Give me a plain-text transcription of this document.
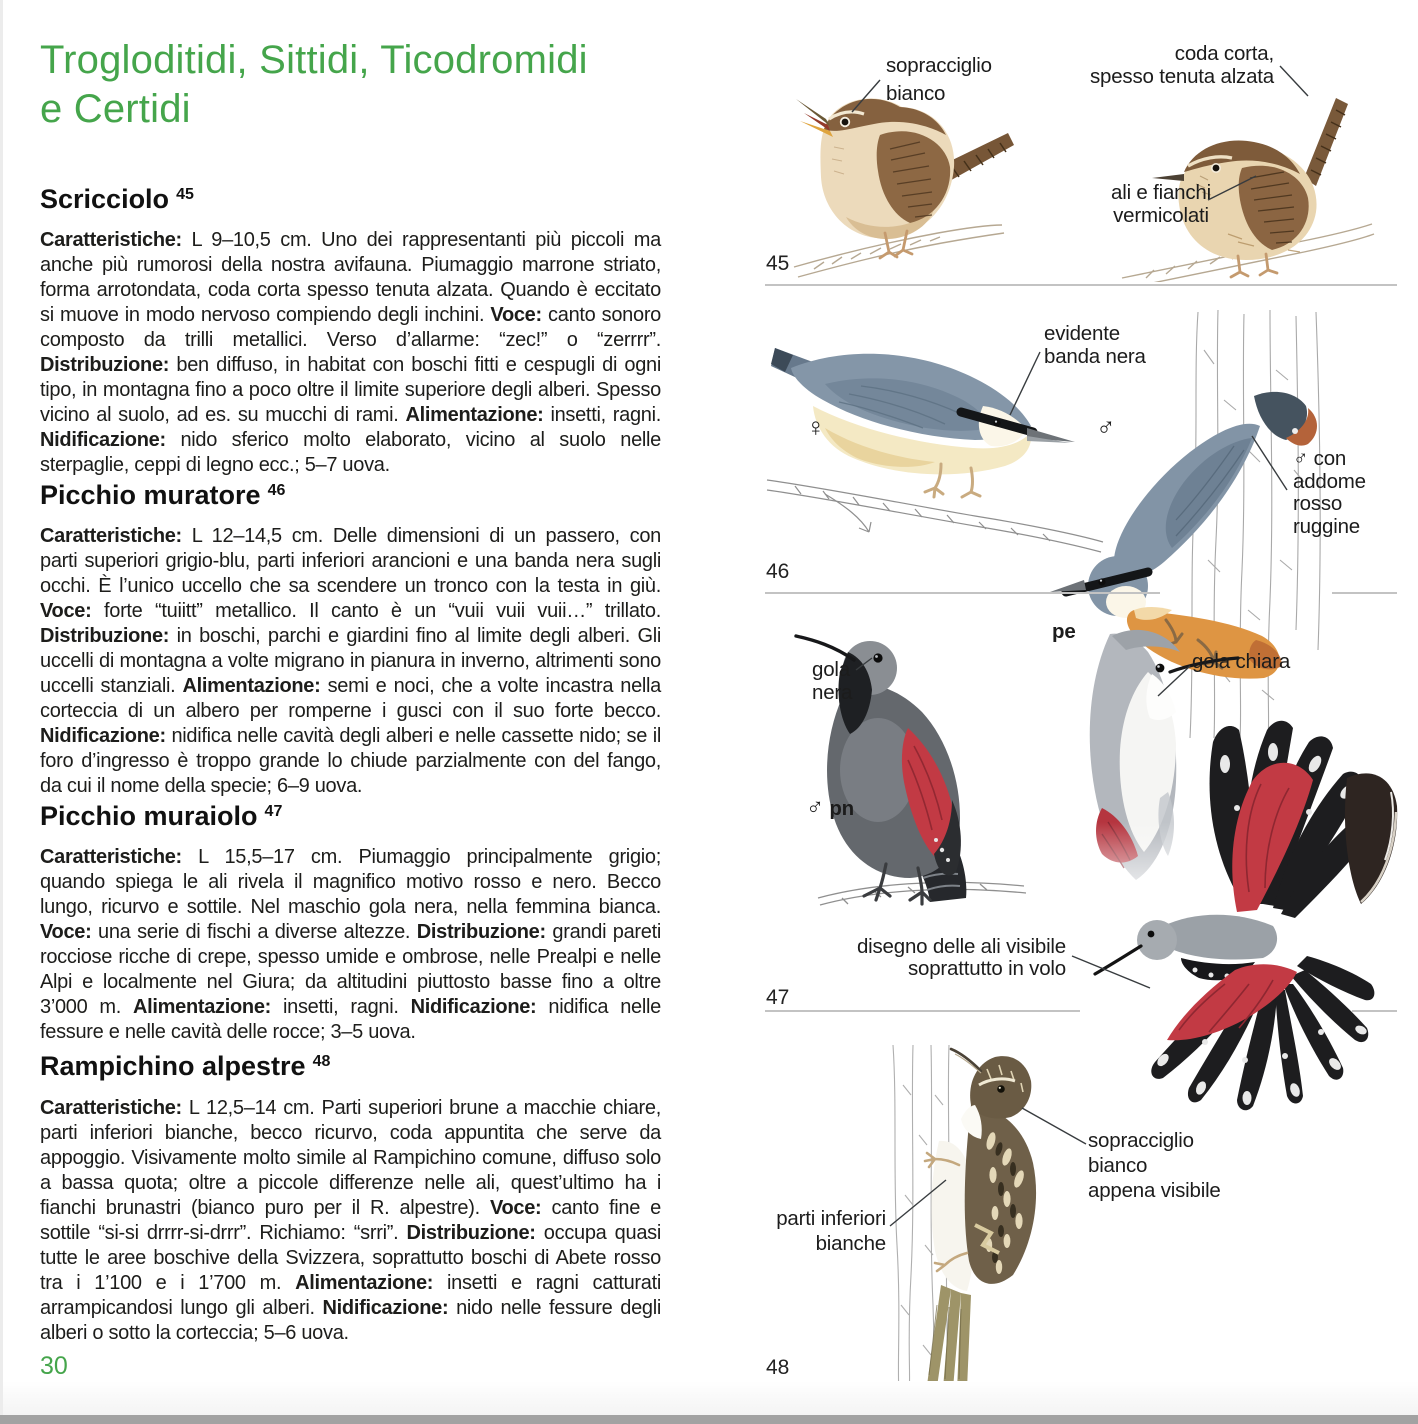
Trogloditidi, Sittidi, Ticodromidi
e Certidi
Scricciolo $^{45}$
Caratteristiche: L 9–10,5 cm. Uno dei rappresentanti più piccoli ma anche più rumorosi della nostra avifauna. Piumaggio marrone striato, forma arrotondata, coda corta spesso tenuta alzata. Quando è eccitato si muove in modo nervoso compiendo degli inchini. Voce: canto sonoro composto da trilli metallici. Verso d’allarme: “zec!” o “zerrrr”. Distribuzione: ben diffuso, in habitat con boschi fitti e cespugli di ogni tipo, in montagna fino a poco oltre il limite superiore degli alberi. Spesso vicino al suolo, ad es. su mucchi di rami. Alimentazione: insetti, ragni. Nidificazione: nido sferico molto elaborato, vicino al suolo nelle sterpaglie, ceppi di legno ecc.; 5–7 uova.
Picchio muratore $^{46}$
Caratteristiche: L 12–14,5 cm. Delle dimensioni di un passero, con parti superiori grigio-blu, parti inferiori arancioni e una banda nera sugli occhi. È l’unico uccello che sa scendere un tronco con la testa in giù. Voce: forte “tuiitt” metallico. Il canto è un “vuii vuii vuii…” trillato. Distribuzione: in boschi, parchi e giardini fino al limite degli alberi. Gli uccelli di montagna a volte migrano in pianura in inverno, altrimenti sono uccelli stanziali. Alimentazione: semi e noci, che a volte incastra nella corteccia di un albero per romperne i gusci con il suo forte becco. Nidificazione: nidifica nelle cavità degli alberi e nelle cassette nido; se il foro d’ingresso è troppo grande lo chiude parzialmente con del fango, da cui il nome della specie; 6–9 uova.
Picchio muraiolo $^{47}$
Caratteristiche: L 15,5–17 cm. Piumaggio principalmente grigio; quando spiega le ali rivela il magnifico motivo rosso e nero. Becco lungo, ricurvo e sottile. Nel maschio gola nera, nella femmina bianca. Voce: una serie di fischi a diverse altezze. Distribuzione: grandi pareti rocciose ricche di crepe, spesso umide e ombrose, nelle Prealpi e nelle Alpi e localmente nel Giura; da altitudini piuttosto basse fino a oltre 3’000 m. Alimentazione: insetti, ragni. Nidificazione: nidifica nelle fessure e nelle cavità delle rocce; 3–5 uova.
Rampichino alpestre $^{48}$
Caratteristiche: L 12,5–14 cm. Parti superiori brune a macchie chiare, parti inferiori bianche, becco ricurvo, coda appuntita che serve da appoggio. Visivamente molto simile al Rampichino comune, diffuso solo a bassa quota; oltre a piccole differenze nelle ali, quest’ultimo ha i fianchi brunastri (bianco puro per il R. alpestre). Voce: canto fine e sottile “si-si drrrr-si-drrr”. Richiamo: “srri”. Distribuzione: occupa quasi tutte le aree boschive della Svizzera, soprattutto boschi di Abete rosso tra i 1’100 e i 1’700 m. Alimentazione: insetti e ragni catturati arrampicandosi lungo gli alberi. Nidificazione: nido nelle fessure degli alberi o sotto la corteccia; 5–6 uova.
30
sopracciglio
bianco
coda corta,
spesso tenuta alzata
ali e fianchi
vermicolati
45
evidente
banda nera
♀	♂
♂ con
addome
rosso
ruggine
46
gola
nera
pe
gola chiara
♂ pn
disegno delle ali visibile
soprattutto in volo
47
sopracciglio
bianco
appena visibile
parti inferiori
bianche
48
